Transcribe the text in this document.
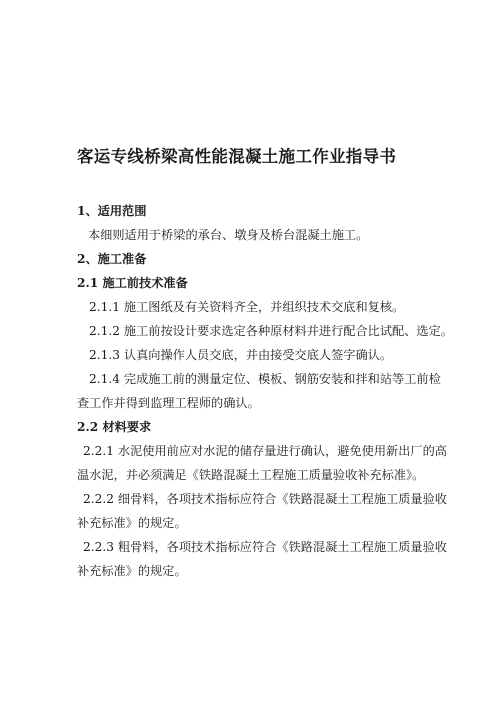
客运专线桥梁高性能混凝土施工作业指导书
1、适用范围
本细则适用于桥梁的承台、墩身及桥台混凝土施工。
2、施工准备
2.1 施工前技术准备
2.1.1 施工图纸及有关资料齐全，并组织技术交底和复核。
2.1.2 施工前按设计要求选定各种原材料并进行配合比试配、选定。
2.1.3 认真向操作人员交底，并由接受交底人签字确认。
2.1.4 完成施工前的测量定位、模板、钢筋安装和拌和站等工前检
查工作并得到监理工程师的确认。
2.2 材料要求
2.2.1 水泥使用前应对水泥的储存量进行确认，避免使用新出厂的高
温水泥，并必须满足《铁路混凝土工程施工质量验收补充标准》。
2.2.2 细骨料，各项技术指标应符合《铁路混凝土工程施工质量验收
补充标准》的规定。
2.2.3 粗骨料，各项技术指标应符合《铁路混凝土工程施工质量验收
补充标准》的规定。
